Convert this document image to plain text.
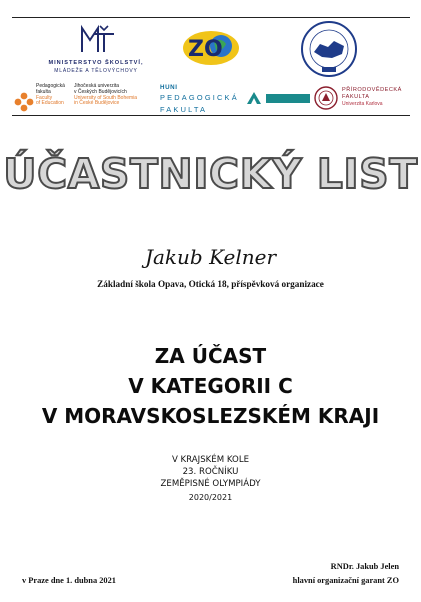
MINISTERSTVO ŠKOLSTVÍ,
MLÁDEŽE A TĚLOVÝCHOVY
ZO
Pedagogická
fakulta
Faculty
of Education
Jihočeská univerzita
v Českých Budějovicích
University of South Bohemia
in České Budějovice
HUNI
PEDAGOGICKÁ
FAKULTA
PŘÍRODOVĚDECKÁ
FAKULTA
Univerzita Karlova
ÚČASTNICKÝ LIST
Jakub Kelner
Základní škola Opava, Otická 18, příspěvková organizace
ZA ÚČAST
V KATEGORII C
V MORAVSKOSLEZSKÉM KRAJI
V KRAJSKÉM KOLE
23. ROČNÍKU
ZEMĚPISNÉ OLYMPIÁDY
2020/2021
v Praze dne 1. dubna 2021
RNDr. Jakub Jelen
hlavní organizační garant ZO
